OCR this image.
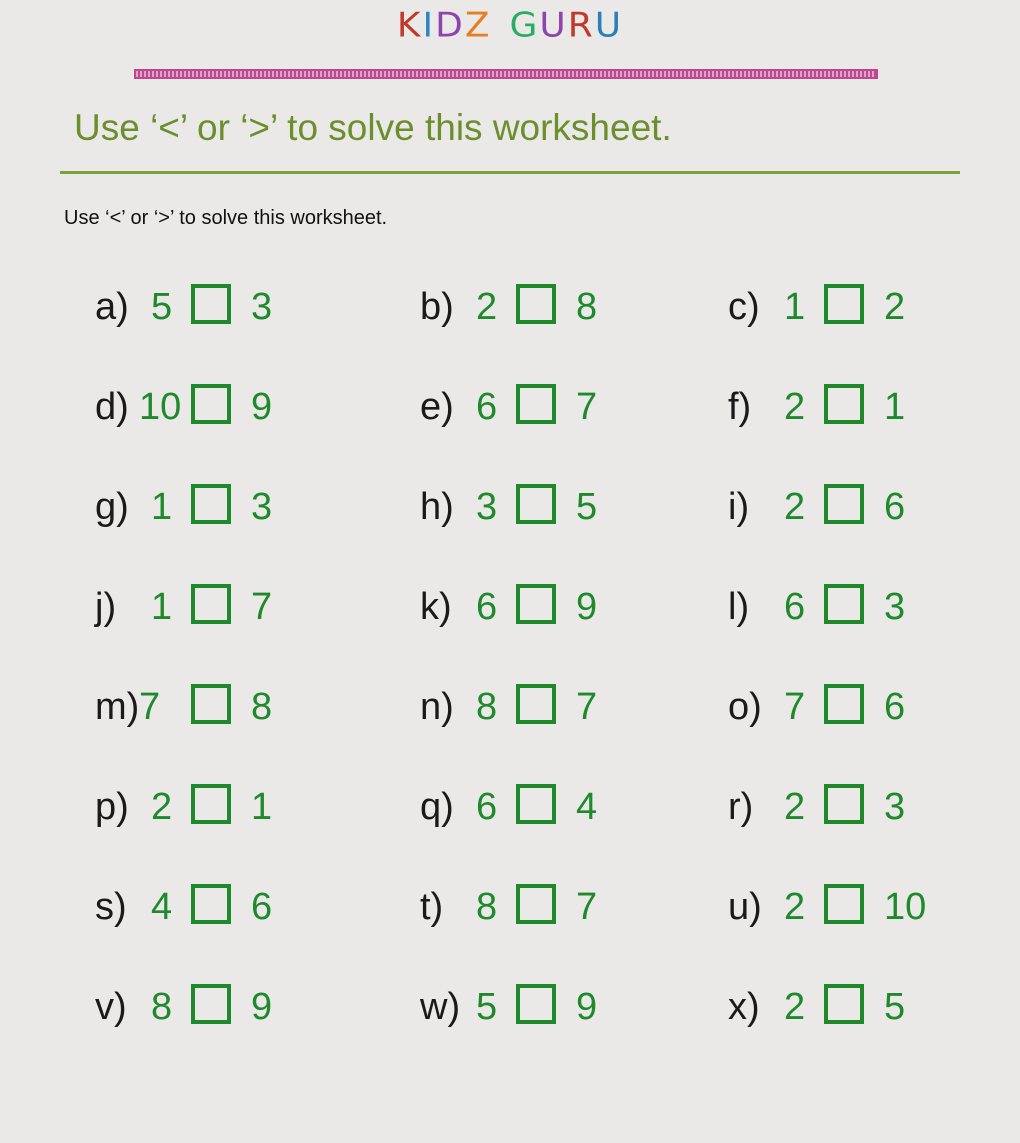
KIDZ GURU
Use ‘<’ or ‘>’ to solve this worksheet.
Use ‘<’ or ‘>’ to solve this worksheet.
a) 5 3	b) 2 8	c) 1 2
d) 10 9	e) 6 7	f) 2 1
g) 1 3	h) 3 5	i) 2 6
j) 1 7	k) 6 9	l) 6 3
m) 7 8	n) 8 7	o) 7 6
p) 2 1	q) 6 4	r) 2 3
s) 4 6	t) 8 7	u) 2 10
v) 8 9	w) 5 9	x) 2 5
